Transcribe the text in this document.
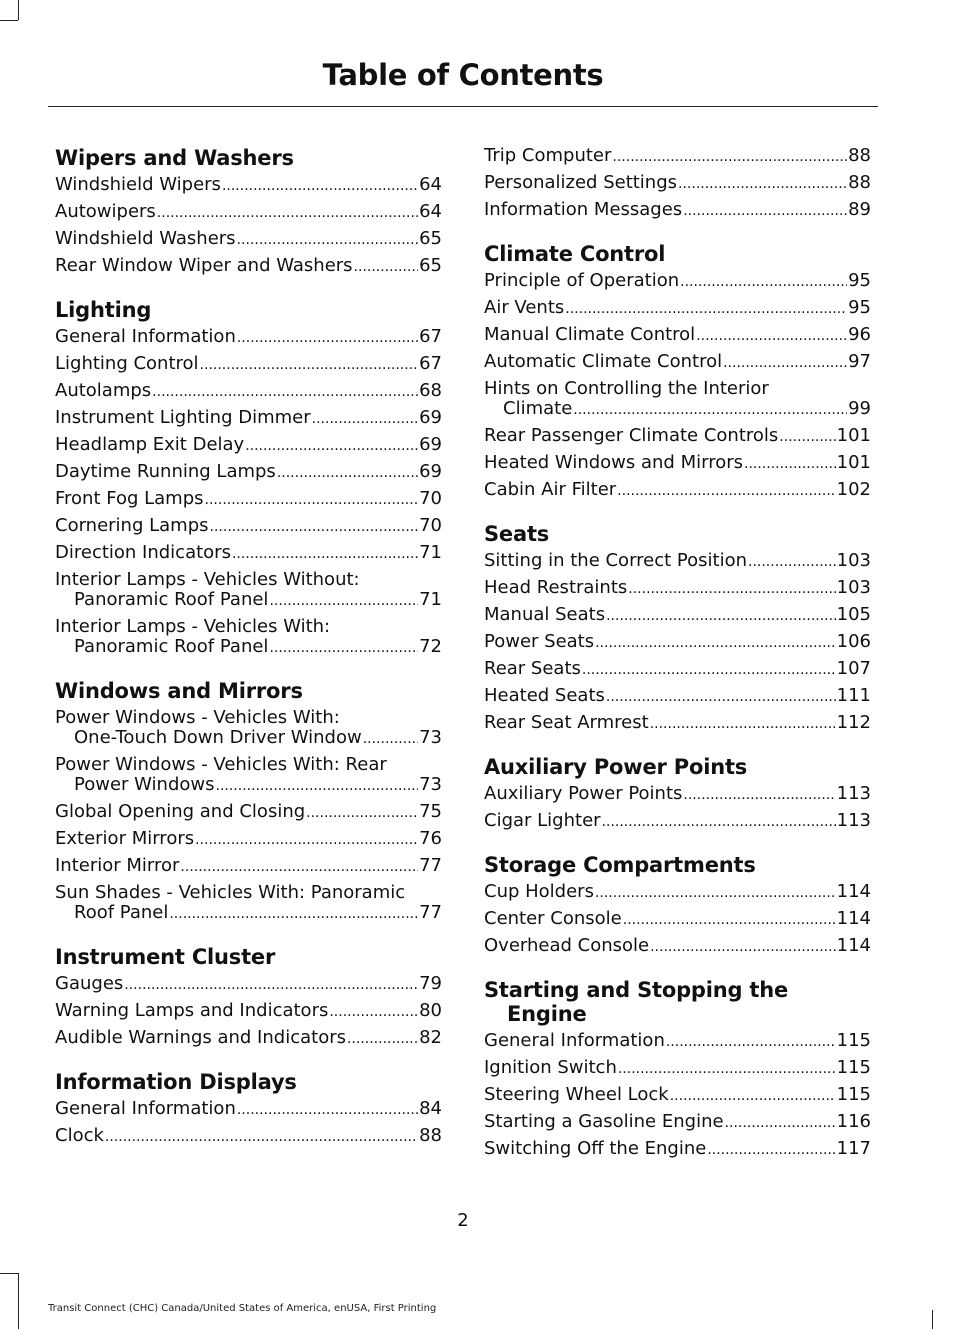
Table of Contents
Wipers and Washers
Windshield Wipers .....	64
Autowipers .....	64
Windshield Washers .....	65
Rear Window Wiper and Washers .....	65
Lighting
General Information .....	67
Lighting Control .....	67
Autolamps .....	68
Instrument Lighting Dimmer .....	69
Headlamp Exit Delay .....	69
Daytime Running Lamps .....	69
Front Fog Lamps .....	70
Cornering Lamps .....	70
Direction Indicators .....	71
Interior Lamps - Vehicles Without:
Panoramic Roof Panel .....	71
Interior Lamps - Vehicles With:
Panoramic Roof Panel .....	72
Windows and Mirrors
Power Windows - Vehicles With:
One-Touch Down Driver Window .....	73
Power Windows - Vehicles With: Rear
Power Windows .....	73
Global Opening and Closing .....	75
Exterior Mirrors .....	76
Interior Mirror .....	77
Sun Shades - Vehicles With: Panoramic
Roof Panel .....	77
Instrument Cluster
Gauges .....	79
Warning Lamps and Indicators .....	80
Audible Warnings and Indicators .....	82
Information Displays
General Information .....	84
Clock .....	88
Trip Computer .....	88
Personalized Settings .....	88
Information Messages .....	89
Climate Control
Principle of Operation .....	95
Air Vents .....	95
Manual Climate Control .....	96
Automatic Climate Control .....	97
Hints on Controlling the Interior
Climate .....	99
Rear Passenger Climate Controls .....	101
Heated Windows and Mirrors .....	101
Cabin Air Filter .....	102
Seats
Sitting in the Correct Position .....	103
Head Restraints .....	103
Manual Seats .....	105
Power Seats .....	106
Rear Seats .....	107
Heated Seats .....	111
Rear Seat Armrest .....	112
Auxiliary Power Points
Auxiliary Power Points .....	113
Cigar Lighter .....	113
Storage Compartments
Cup Holders .....	114
Center Console .....	114
Overhead Console .....	114
Starting and Stopping the
Engine
General Information .....	115
Ignition Switch .....	115
Steering Wheel Lock .....	115
Starting a Gasoline Engine .....	116
Switching Off the Engine .....	117
2
Transit Connect (CHC) Canada/United States of America, enUSA, First Printing
